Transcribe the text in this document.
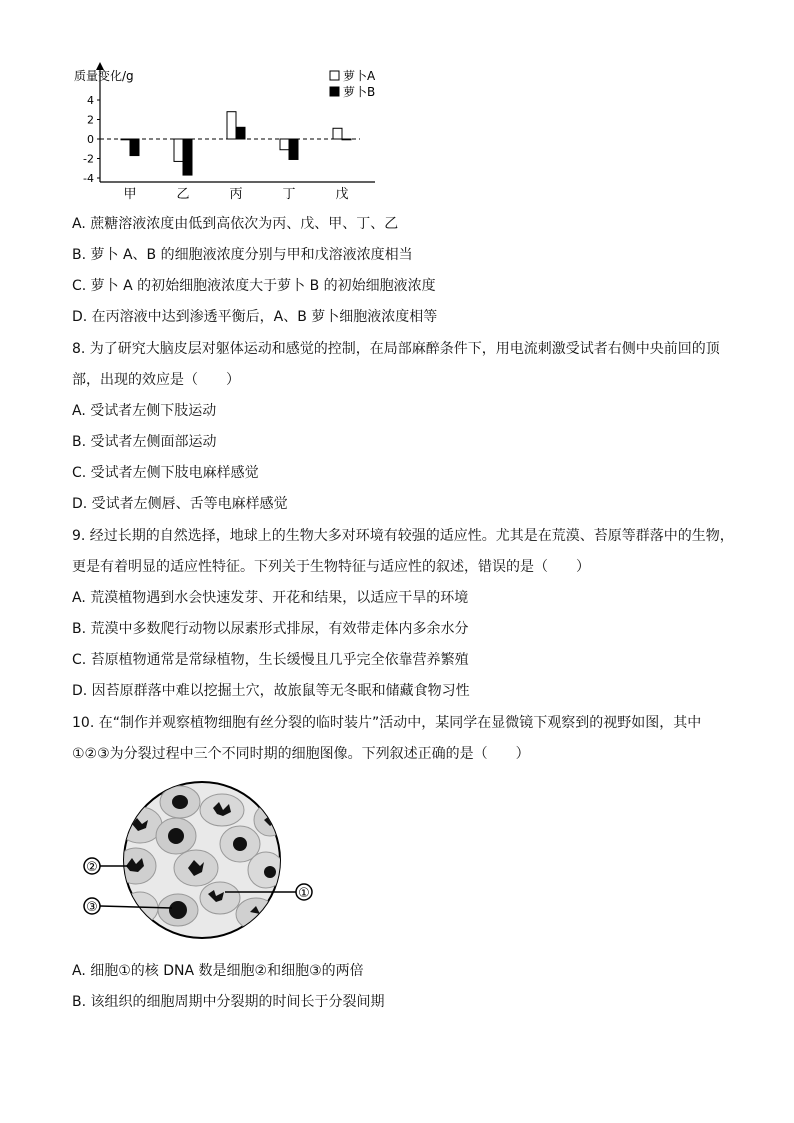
质量变化/g
4
2
0
-2
-4
甲	乙	丙	丁	戊
萝卜A
萝卜B
A. 蔗糖溶液浓度由低到高依次为丙、戊、甲、丁、乙
B. 萝卜 A、B 的细胞液浓度分别与甲和戊溶液浓度相当
C. 萝卜 A 的初始细胞液浓度大于萝卜 B 的初始细胞液浓度
D. 在丙溶液中达到渗透平衡后，A、B 萝卜细胞液浓度相等
8. 为了研究大脑皮层对躯体运动和感觉的控制，在局部麻醉条件下，用电流刺激受试者右侧中央前回的顶
部，出现的效应是（　　）
A. 受试者左侧下肢运动
B. 受试者左侧面部运动
C. 受试者左侧下肢电麻样感觉
D. 受试者左侧唇、舌等电麻样感觉
9. 经过长期的自然选择，地球上的生物大多对环境有较强的适应性。尤其是在荒漠、苔原等群落中的生物，
更是有着明显的适应性特征。下列关于生物特征与适应性的叙述，错误的是（　　）
A. 荒漠植物遇到水会快速发芽、开花和结果，以适应干旱的环境
B. 荒漠中多数爬行动物以尿素形式排尿，有效带走体内多余水分
C. 苔原植物通常是常绿植物，生长缓慢且几乎完全依靠营养繁殖
D. 因苔原群落中难以挖掘土穴，故旅鼠等无冬眠和储藏食物习性
10. 在“制作并观察植物细胞有丝分裂的临时装片”活动中，某同学在显微镜下观察到的视野如图，其中
①②③为分裂过程中三个不同时期的细胞图像。下列叙述正确的是（　　）
②
③
①
A. 细胞①的核 DNA 数是细胞②和细胞③的两倍
B. 该组织的细胞周期中分裂期的时间长于分裂间期
